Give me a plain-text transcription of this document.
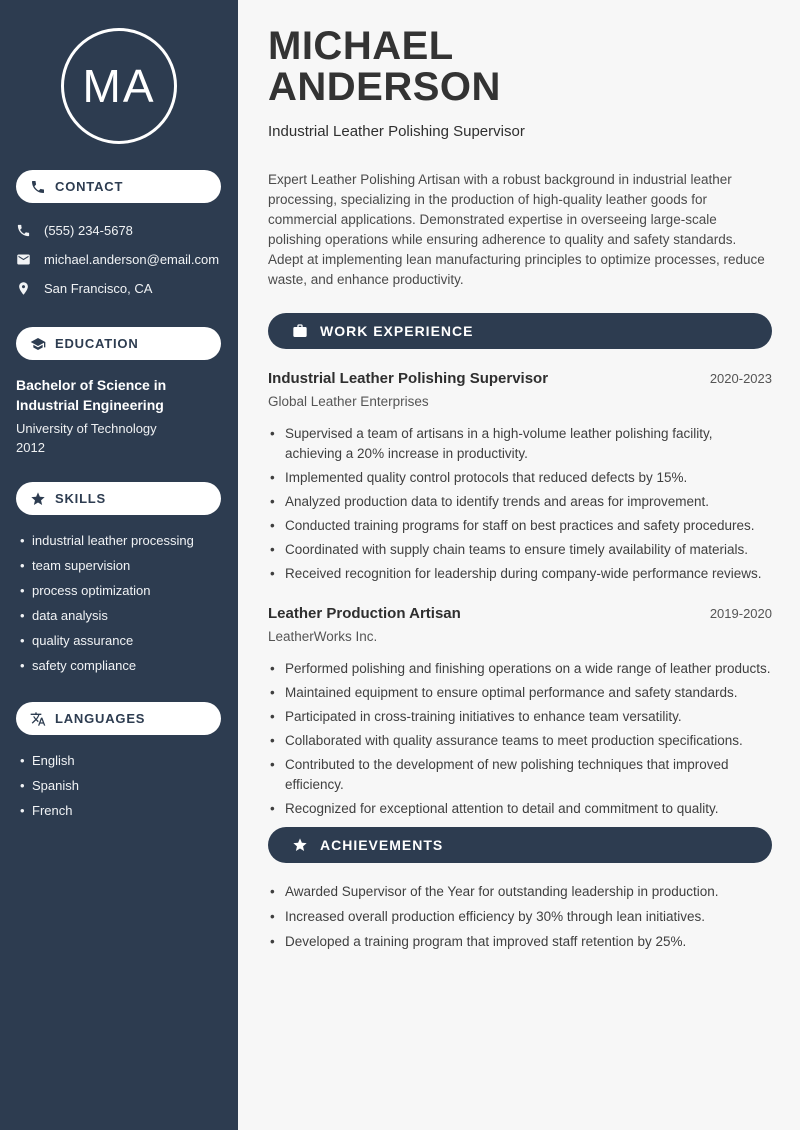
MA
CONTACT
(555) 234-5678
michael.anderson@email.com
San Francisco, CA
EDUCATION
Bachelor of Science in Industrial Engineering
University of Technology
2012
SKILLS
• industrial leather processing
• team supervision
• process optimization
• data analysis
• quality assurance
• safety compliance
LANGUAGES
• English
• Spanish
• French
MICHAEL
ANDERSON
Industrial Leather Polishing Supervisor

Expert Leather Polishing Artisan with a robust background in industrial leather processing, specializing in the production of high-quality leather goods for commercial applications. Demonstrated expertise in overseeing large-scale polishing operations while ensuring adherence to quality and safety standards. Adept at implementing lean manufacturing principles to optimize processes, reduce waste, and enhance productivity.

WORK EXPERIENCE
Industrial Leather Polishing Supervisor	2020-2023
Global Leather Enterprises
• Supervised a team of artisans in a high-volume leather polishing facility, achieving a 20% increase in productivity.
• Implemented quality control protocols that reduced defects by 15%.
• Analyzed production data to identify trends and areas for improvement.
• Conducted training programs for staff on best practices and safety procedures.
• Coordinated with supply chain teams to ensure timely availability of materials.
• Received recognition for leadership during company-wide performance reviews.
Leather Production Artisan	2019-2020
LeatherWorks Inc.
• Performed polishing and finishing operations on a wide range of leather products.
• Maintained equipment to ensure optimal performance and safety standards.
• Participated in cross-training initiatives to enhance team versatility.
• Collaborated with quality assurance teams to meet production specifications.
• Contributed to the development of new polishing techniques that improved efficiency.
• Recognized for exceptional attention to detail and commitment to quality.
ACHIEVEMENTS
• Awarded Supervisor of the Year for outstanding leadership in production.
• Increased overall production efficiency by 30% through lean initiatives.
• Developed a training program that improved staff retention by 25%.
